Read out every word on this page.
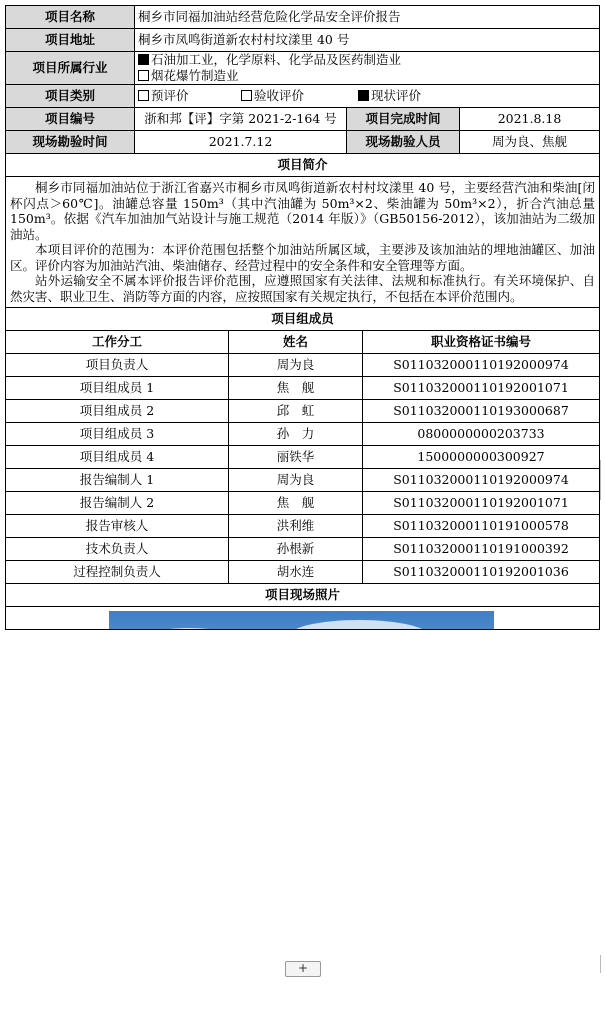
项目名称	桐乡市同福加油站经营危险化学品安全评价报告		
项目地址	桐乡市凤鸣街道新农村村坟漾里 40 号		
项目所属行业	石油加工业，化学原料、化学品及医药制造业
烟花爆竹制造业		

项目类别	预评价 验收评价 现状评价		
项目编号	浙和邦【评】字第 2021-2-164 号	项目完成时间	2021.8.18
现场勘验时间	2021.7.12	现场勘验人员	周为良、焦舰
项目简介			

桐乡市同福加油站位于浙江省嘉兴市桐乡市凤鸣街道新农村村坟漾里 40 号，主要经营汽油和柴油[闭杯闪点＞60℃]。油罐总容量 150m³（其中汽油罐为 50m³×2、柴油罐为 50m³×2），折合汽油总量 150m³。依据《汽车加油加气站设计与施工规范（2014 年版）》（GB50156-2012），该加油站为二级加油站。

本项目评价的范围为：本评价范围包括整个加油站所属区域，主要涉及该加油站的埋地油罐区、加油区。评价内容为加油站汽油、柴油储存、经营过程中的安全条件和安全管理等方面。

站外运输安全不属本评价报告评价范围，应遵照国家有关法律、法规和标准执行。有关环境保护、自然灾害、职业卫生、消防等方面的内容，应按照国家有关规定执行，不包括在本评价范围内。			

项目组成员		
工作分工	姓名	职业资格证书编号
项目负责人	周为良	S011032000110192000974
项目组成员 1	焦　舰	S011032000110192001071
项目组成员 2	邱　虹	S011032000110193000687
项目组成员 3	孙　力	0800000000203733
项目组成员 4	丽铁华	1500000000300927
报告编制人 1	周为良	S011032000110192000974
报告编制人 2	焦　舰	S011032000110192001071
报告审核人	洪利维	S011032000110191000578
技术负责人	孙根新	S011032000110191000392
过程控制负责人	胡水连	S011032000110192001036
项目现场照片		

中国石化 中国石化		
+
